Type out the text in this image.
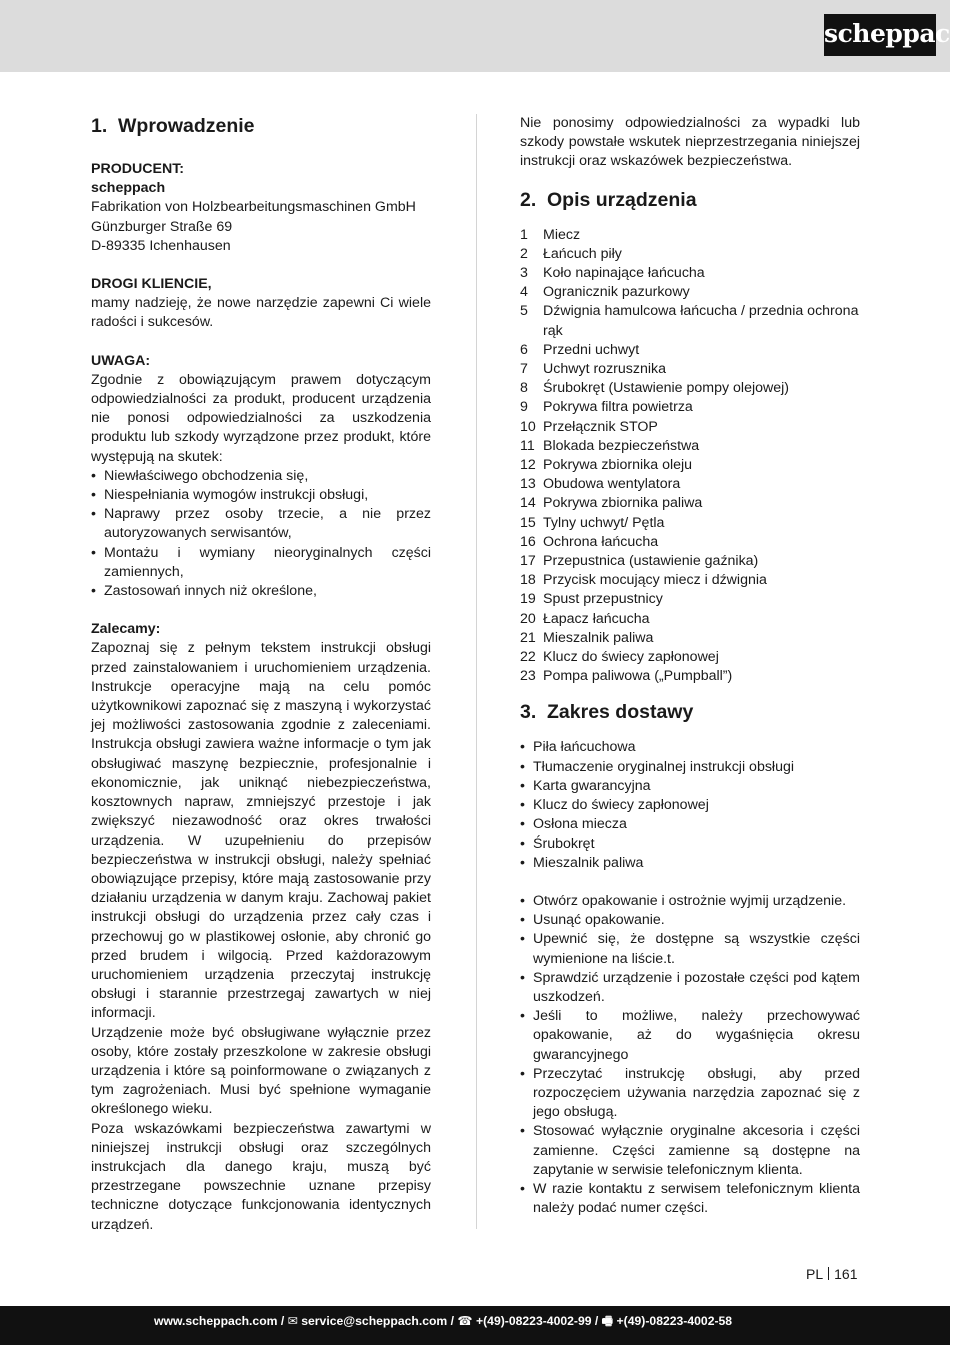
scheppach
1. Wprowadzenie
PRODUCENT:
scheppach
Fabrikation von Holzbearbeitungsmaschinen GmbH
Günzburger Straße 69
D-89335 Ichenhausen
DROGI KLIENCIE,

mamy nadzieję, że nowe narzędzie zapewni Ci wiele radości i sukcesów.

UWAGA:

Zgodnie z obowiązującym prawem dotyczącym odpowiedzialności za produkt, producent urządzenia nie ponosi odpowiedzialności za uszkodzenia produktu lub szkody wyrządzone przez produkt, które występują na skutek:

• Niewłaściwego obchodzenia się,
• Niespełniania wymogów instrukcji obsługi,
• Naprawy przez osoby trzecie, a nie przez autoryzowanych serwisantów,
• Montażu i wymiany nieoryginalnych części zamiennych,
• Zastosowań innych niż określone,
Zalecamy:

Zapoznaj się z pełnym tekstem instrukcji obsługi przed zainstalowaniem i uruchomieniem urządzenia. Instrukcje operacyjne mają na celu pomóc użytkownikowi zapoznać się z maszyną i wykorzystać jej możliwości zastosowania zgodnie z zaleceniami. Instrukcja obsługi zawiera ważne informacje o tym jak obsługiwać maszynę bezpiecznie, profesjonalnie i ekonomicznie, jak uniknąć niebezpieczeństwa, kosztownych napraw, zmniejszyć przestoje i jak zwiększyć niezawodność oraz okres trwałości urządzenia. W uzupełnieniu do przepisów bezpieczeństwa w instrukcji obsługi, należy spełniać obowiązujące przepisy, które mają zastosowanie przy działaniu urządzenia w danym kraju. Zachowaj pakiet instrukcji obsługi do urządzenia przez cały czas i przechowuj go w plastikowej osłonie, aby chronić go przed brudem i wilgocią. Przed każdorazowym uruchomieniem urządzenia przeczytaj instrukcję obsługi i starannie przestrzegaj zawartych w niej informacji.

Urządzenie może być obsługiwane wyłącznie przez osoby, które zostały przeszkolone w zakresie obsługi urządzenia i które są poinformowane o związanych z tym zagrożeniach. Musi być spełnione wymaganie określonego wieku.

Poza wskazówkami bezpieczeństwa zawartymi w niniejszej instrukcji obsługi oraz szczególnych instrukcjach dla danego kraju, muszą być przestrzegane powszechnie uznane przepisy techniczne dotyczące funkcjonowania identycznych urządzeń.

Nie ponosimy odpowiedzialności za wypadki lub szkody powstałe wskutek nieprzestrzegania niniejszej instrukcji oraz wskazówek bezpieczeństwa.

2. Opis urządzenia
1 Miecz
2 Łańcuch piły
3 Koło napinające łańcucha
4 Ogranicznik pazurkowy
5 Dźwignia hamulcowa łańcucha / przednia ochrona rąk
6 Przedni uchwyt
7 Uchwyt rozrusznika
8 Śrubokręt (Ustawienie pompy olejowej)
9 Pokrywa filtra powietrza
10 Przełącznik STOP
11 Blokada bezpieczeństwa
12 Pokrywa zbiornika oleju
13 Obudowa wentylatora
14 Pokrywa zbiornika paliwa
15 Tylny uchwyt/ Pętla
16 Ochrona łańcucha
17 Przepustnica (ustawienie gaźnika)
18 Przycisk mocujący miecz i dźwignia
19 Spust przepustnicy
20 Łapacz łańcucha
21 Mieszalnik paliwa
22 Klucz do świecy zapłonowej
23 Pompa paliwowa („Pumpball”)
3. Zakres dostawy
• Piła łańcuchowa
• Tłumaczenie oryginalnej instrukcji obsługi
• Karta gwarancyjna
• Klucz do świecy zapłonowej
• Osłona miecza
• Śrubokręt
• Mieszalnik paliwa
• Otwórz opakowanie i ostrożnie wyjmij urządzenie.
• Usunąć opakowanie.
• Upewnić się, że dostępne są wszystkie części wymienione na liście.t.
• Sprawdzić urządzenie i pozostałe części pod kątem uszkodzeń.
• Jeśli to możliwe, należy przechowywać opakowanie, aż do wygaśnięcia okresu gwarancyjnego
• Przeczytać instrukcję obsługi, aby przed rozpoczęciem używania narzędzia zapoznać się z jego obsługą.
• Stosować wyłącznie oryginalne akcesoria i części zamienne. Części zamienne są dostępne na zapytanie w serwisie telefonicznym klienta.
• W razie kontaktu z serwisem telefonicznym klienta należy podać numer części.
PL 161
www.scheppach.com / ✉ service@scheppach.com / ☎ +(49)-08223-4002-99 / 🖷 +(49)-08223-4002-58
